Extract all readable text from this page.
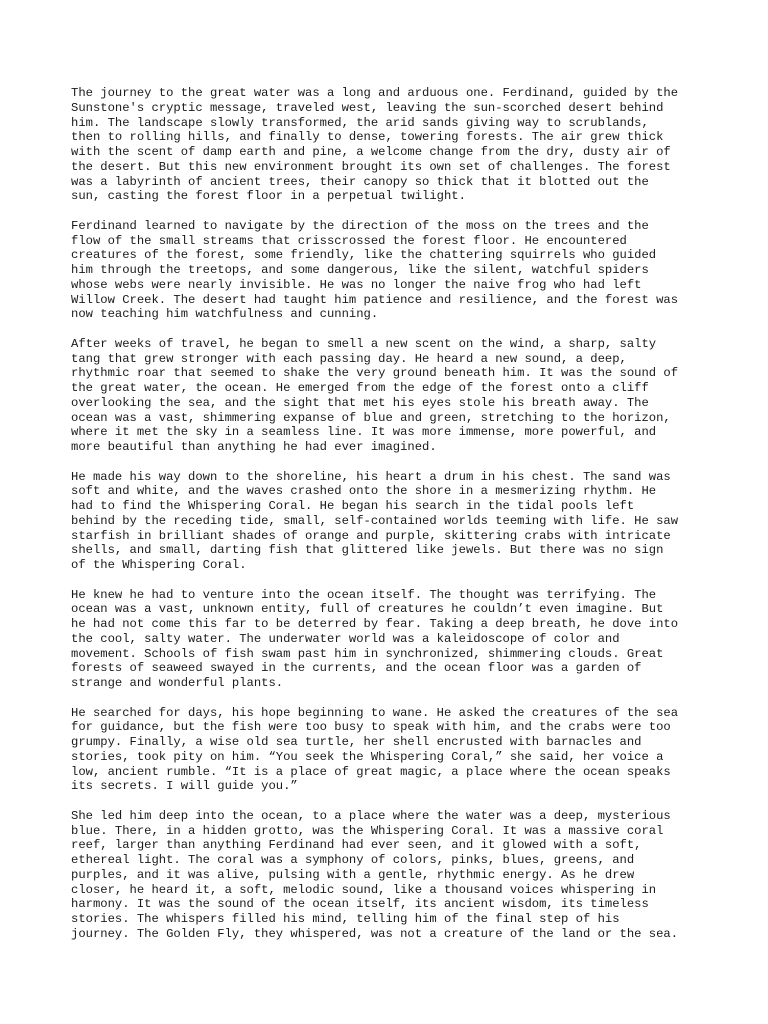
The journey to the great water was a long and arduous one. Ferdinand, guided by the
Sunstone's cryptic message, traveled west, leaving the sun-scorched desert behind
him. The landscape slowly transformed, the arid sands giving way to scrublands,
then to rolling hills, and finally to dense, towering forests. The air grew thick
with the scent of damp earth and pine, a welcome change from the dry, dusty air of
the desert. But this new environment brought its own set of challenges. The forest
was a labyrinth of ancient trees, their canopy so thick that it blotted out the
sun, casting the forest floor in a perpetual twilight.
Ferdinand learned to navigate by the direction of the moss on the trees and the
flow of the small streams that crisscrossed the forest floor. He encountered
creatures of the forest, some friendly, like the chattering squirrels who guided
him through the treetops, and some dangerous, like the silent, watchful spiders
whose webs were nearly invisible. He was no longer the naive frog who had left
Willow Creek. The desert had taught him patience and resilience, and the forest was
now teaching him watchfulness and cunning.
After weeks of travel, he began to smell a new scent on the wind, a sharp, salty
tang that grew stronger with each passing day. He heard a new sound, a deep,
rhythmic roar that seemed to shake the very ground beneath him. It was the sound of
the great water, the ocean. He emerged from the edge of the forest onto a cliff
overlooking the sea, and the sight that met his eyes stole his breath away. The
ocean was a vast, shimmering expanse of blue and green, stretching to the horizon,
where it met the sky in a seamless line. It was more immense, more powerful, and
more beautiful than anything he had ever imagined.
He made his way down to the shoreline, his heart a drum in his chest. The sand was
soft and white, and the waves crashed onto the shore in a mesmerizing rhythm. He
had to find the Whispering Coral. He began his search in the tidal pools left
behind by the receding tide, small, self-contained worlds teeming with life. He saw
starfish in brilliant shades of orange and purple, skittering crabs with intricate
shells, and small, darting fish that glittered like jewels. But there was no sign
of the Whispering Coral.
He knew he had to venture into the ocean itself. The thought was terrifying. The
ocean was a vast, unknown entity, full of creatures he couldn’t even imagine. But
he had not come this far to be deterred by fear. Taking a deep breath, he dove into
the cool, salty water. The underwater world was a kaleidoscope of color and
movement. Schools of fish swam past him in synchronized, shimmering clouds. Great
forests of seaweed swayed in the currents, and the ocean floor was a garden of
strange and wonderful plants.
He searched for days, his hope beginning to wane. He asked the creatures of the sea
for guidance, but the fish were too busy to speak with him, and the crabs were too
grumpy. Finally, a wise old sea turtle, her shell encrusted with barnacles and
stories, took pity on him. “You seek the Whispering Coral,” she said, her voice a
low, ancient rumble. “It is a place of great magic, a place where the ocean speaks
its secrets. I will guide you.”
She led him deep into the ocean, to a place where the water was a deep, mysterious
blue. There, in a hidden grotto, was the Whispering Coral. It was a massive coral
reef, larger than anything Ferdinand had ever seen, and it glowed with a soft,
ethereal light. The coral was a symphony of colors, pinks, blues, greens, and
purples, and it was alive, pulsing with a gentle, rhythmic energy. As he drew
closer, he heard it, a soft, melodic sound, like a thousand voices whispering in
harmony. It was the sound of the ocean itself, its ancient wisdom, its timeless
stories. The whispers filled his mind, telling him of the final step of his
journey. The Golden Fly, they whispered, was not a creature of the land or the sea.
